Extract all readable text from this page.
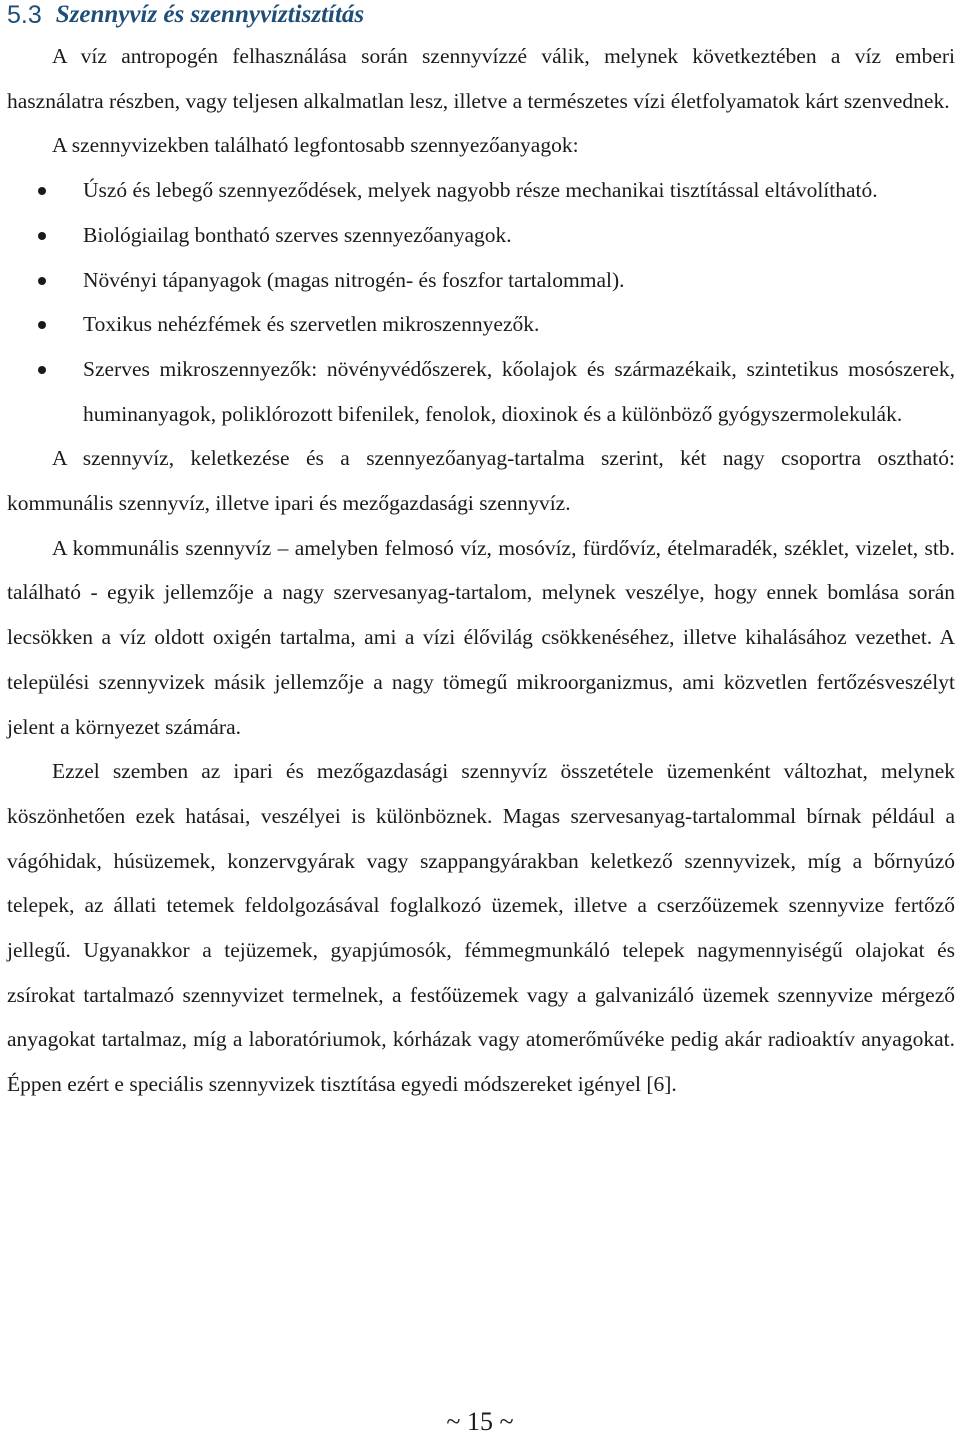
5.3 Szennyvíz és szennyvíztisztítás

A víz antropogén felhasználása során szennyvízzé válik, melynek következtében a víz emberi használatra részben, vagy teljesen alkalmatlan lesz, illetve a természetes vízi életfolyamatok kárt szenvednek.

A szennyvizekben található legfontosabb szennyezőanyagok:

Úszó és lebegő szennyeződések, melyek nagyobb része mechanikai tisztítással eltávolítható.
Biológiailag bontható szerves szennyezőanyagok.
Növényi tápanyagok (magas nitrogén- és foszfor tartalommal).
Toxikus nehézfémek és szervetlen mikroszennyezők.
Szerves mikroszennyezők: növényvédőszerek, kőolajok és származékaik, szintetikus mosószerek, huminanyagok, poliklórozott bifenilek, fenolok, dioxinok és a különböző gyógyszermolekulák.

A szennyvíz, keletkezése és a szennyezőanyag-tartalma szerint, két nagy csoportra osztható: kommunális szennyvíz, illetve ipari és mezőgazdasági szennyvíz.

A kommunális szennyvíz – amelyben felmosó víz, mosóvíz, fürdővíz, ételmaradék, széklet, vizelet, stb. található - egyik jellemzője a nagy szervesanyag-tartalom, melynek veszélye, hogy ennek bomlása során lecsökken a víz oldott oxigén tartalma, ami a vízi élővilág csökkenéséhez, illetve kihalásához vezethet. A települési szennyvizek másik jellemzője a nagy tömegű mikroorganizmus, ami közvetlen fertőzésveszélyt jelent a környezet számára.

Ezzel szemben az ipari és mezőgazdasági szennyvíz összetétele üzemenként változhat, melynek köszönhetően ezek hatásai, veszélyei is különböznek. Magas szervesanyag-tartalommal bírnak például a vágóhidak, húsüzemek, konzervgyárak vagy szappangyárakban keletkező szennyvizek, míg a bőrnyúzó telepek, az állati tetemek feldolgozásával foglalkozó üzemek, illetve a cserzőüzemek szennyvize fertőző jellegű. Ugyanakkor a tejüzemek, gyapjúmosók, fémmegmunkáló telepek nagymennyiségű olajokat és zsírokat tartalmazó szennyvizet termelnek, a festőüzemek vagy a galvanizáló üzemek szennyvize mérgező anyagokat tartalmaz, míg a laboratóriumok, kórházak vagy atomerőművéke pedig akár radioaktív anyagokat. Éppen ezért e speciális szennyvizek tisztítása egyedi módszereket igényel [6].

~ 15 ~
